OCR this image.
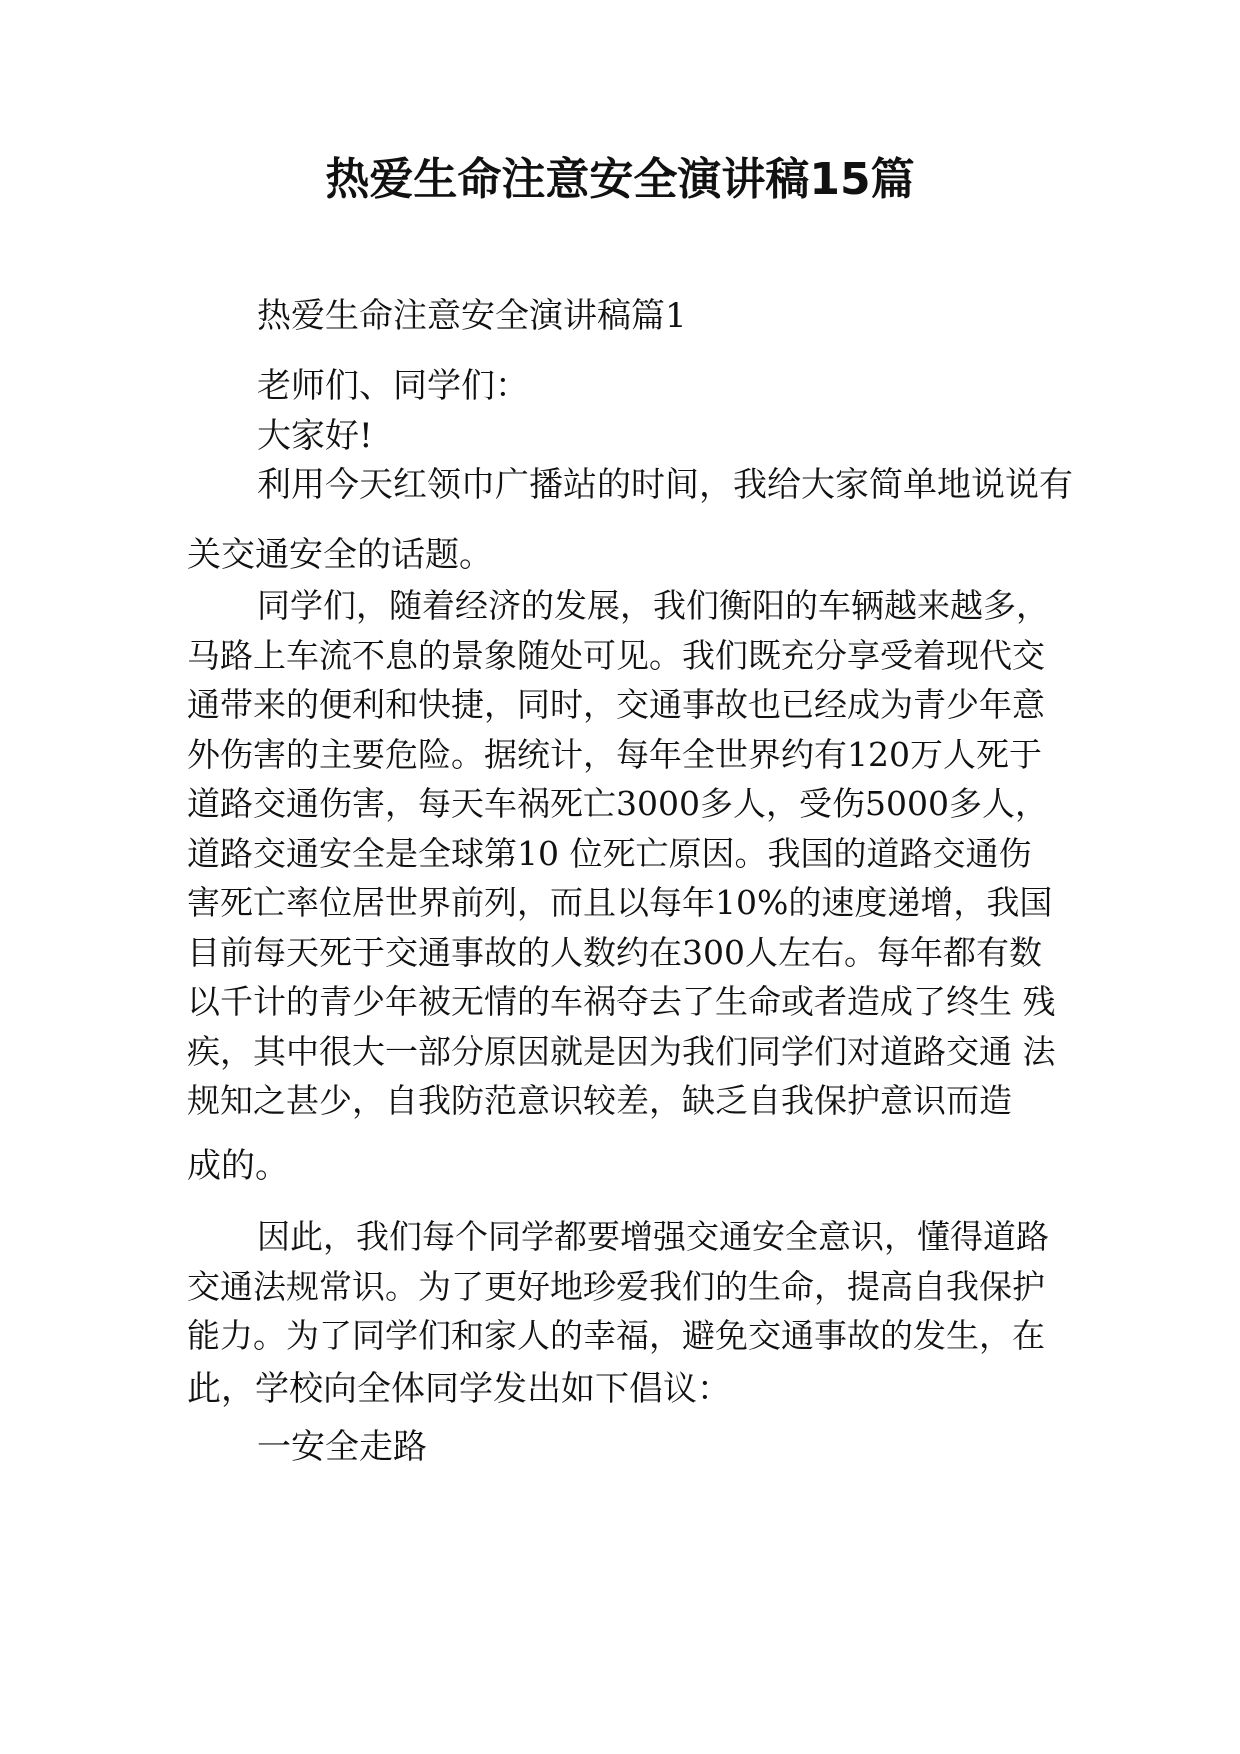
热爱生命注意安全演讲稿15篇

热爱生命注意安全演讲稿篇1

老师们、同学们：

大家好!

利用今天红领巾广播站的时间，我给大家简单地说说有

关交通安全的话题。

同学们，随着经济的发展，我们衡阳的车辆越来越多，马路上车流不息的景象随处可见。我们既充分享受着现代交通带来的便利和快捷，同时，交通事故也已经成为青少年意外伤害的主要危险。据统计，每年全世界约有120万人死于 道路交通伤害，每天车祸死亡3000多人，受伤5000多人， 道路交通安全是全球第10 位死亡原因。我国的道路交通伤 害死亡率位居世界前列，而且以每年10%的速度递增，我国 目前每天死于交通事故的人数约在300人左右。每年都有数 以千计的青少年被无情的车祸夺去了生命或者造成了终生 残疾，其中很大一部分原因就是因为我们同学们对道路交通 法规知之甚少，自我防范意识较差，缺乏自我保护意识而造

成的。

因此，我们每个同学都要增强交通安全意识，懂得道路交通法规常识。为了更好地珍爱我们的生命，提高自我保护能力。为了同学们和家人的幸福，避免交通事故的发生，在

此，学校向全体同学发出如下倡议：

一安全走路
